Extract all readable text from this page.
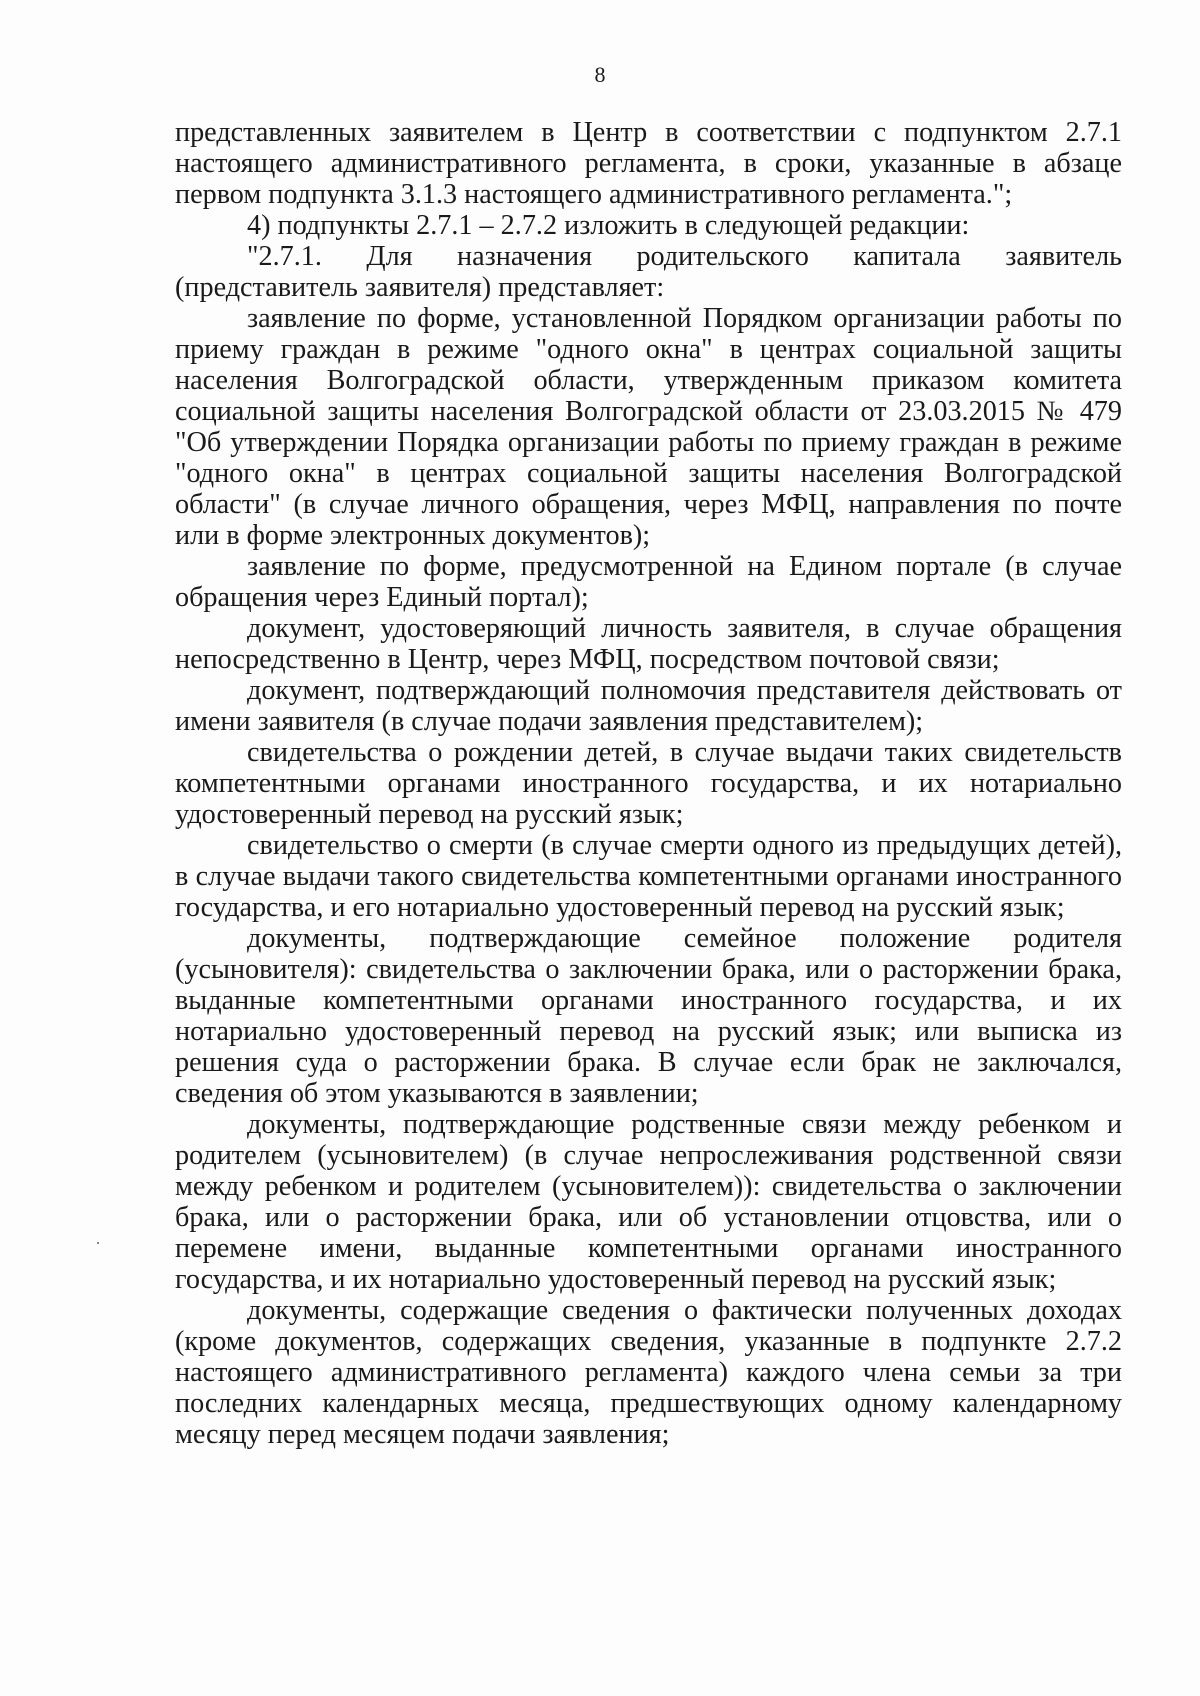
8

представленных заявителем в Центр в соответствии с подпунктом 2.7.1 настоящего административного регламента, в сроки, указанные в абзаце первом подпункта 3.1.3 настоящего административного регламента.";

4) подпункты 2.7.1 – 2.7.2 изложить в следующей редакции:

"2.7.1. Для назначения родительского капитала заявитель (представитель заявителя) представляет:

заявление по форме, установленной Порядком организации работы по приему граждан в режиме "одного окна" в центрах социальной защиты населения Волгоградской области, утвержденным приказом комитета социальной защиты населения Волгоградской области от 23.03.2015 № 479 "Об утверждении Порядка организации работы по приему граждан в режиме "одного окна" в центрах социальной защиты населения Волгоградской области" (в случае личного обращения, через МФЦ, направления по почте или в форме электронных документов);

заявление по форме, предусмотренной на Едином портале (в случае обращения через Единый портал);

документ, удостоверяющий личность заявителя, в случае обращения непосредственно в Центр, через МФЦ, посредством почтовой связи;

документ, подтверждающий полномочия представителя действовать от имени заявителя (в случае подачи заявления представителем);

свидетельства о рождении детей, в случае выдачи таких свидетельств компетентными органами иностранного государства, и их нотариально удостоверенный перевод на русский язык;

свидетельство о смерти (в случае смерти одного из предыдущих детей), в случае выдачи такого свидетельства компетентными органами иностранного государства, и его нотариально удостоверенный перевод на русский язык;

документы, подтверждающие семейное положение родителя (усыновителя): свидетельства о заключении брака, или о расторжении брака, выданные компетентными органами иностранного государства, и их нотариально удостоверенный перевод на русский язык; или выписка из решения суда о расторжении брака. В случае если брак не заключался, сведения об этом указываются в заявлении;

документы, подтверждающие родственные связи между ребенком и родителем (усыновителем) (в случае непрослеживания родственной связи между ребенком и родителем (усыновителем)): свидетельства о заключении брака, или о расторжении брака, или об установлении отцовства, или о перемене имени, выданные компетентными органами иностранного государства, и их нотариально удостоверенный перевод на русский язык;

документы, содержащие сведения о фактически полученных доходах (кроме документов, содержащих сведения, указанные в подпункте 2.7.2 настоящего административного регламента) каждого члена семьи за три последних календарных месяца, предшествующих одному календарному месяцу перед месяцем подачи заявления;
